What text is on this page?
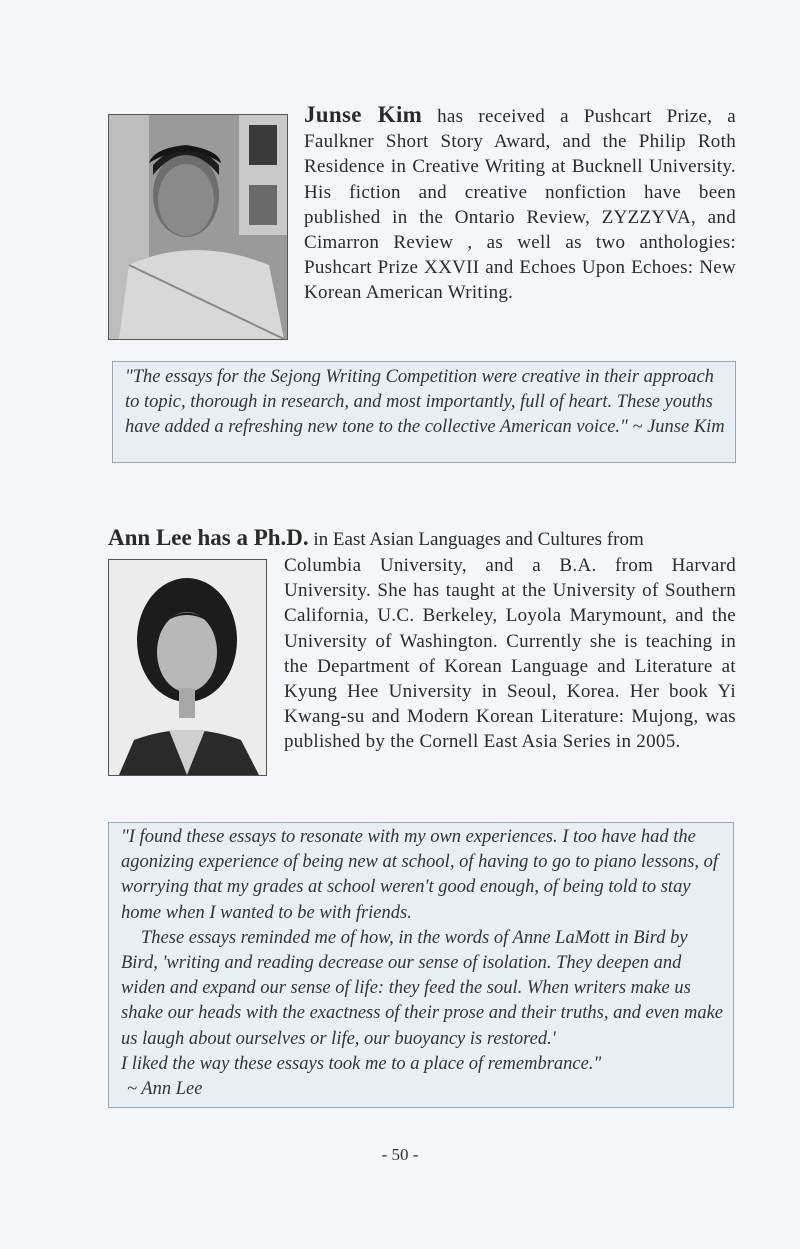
Junse Kim has received a Pushcart Prize, a Faulkner Short Story Award, and the Philip Roth Residence in Creative Writing at Bucknell University. His fiction and creative nonfiction have been published in the Ontario Review, ZYZZYVA, and Cimarron Review , as well as two anthologies: Pushcart Prize XXVII and Echoes Upon Echoes: New Korean American Writing.

"The essays for the Sejong Writing Competition were creative in their approach to topic, thorough in research, and most importantly, full of heart. These youths have added a refreshing new tone to the collective American voice." ~ Junse Kim

Ann Lee has a Ph.D. in East Asian Languages and Cultures from
Columbia University, and a B.A. from Harvard University. She has taught at the University of Southern California, U.C. Berkeley, Loyola Marymount, and the University of Washington. Currently she is teaching in the Department of Korean Language and Literature at Kyung Hee University in Seoul, Korea. Her book Yi Kwang-su and Modern Korean Literature: Mujong, was published by the Cornell East Asia Series in 2005.

"I found these essays to resonate with my own experiences. I too have had the agonizing experience of being new at school, of having to go to piano lessons, of worrying that my grades at school weren't good enough, of being told to stay home when I wanted to be with friends.

These essays reminded me of how, in the words of Anne LaMott in Bird by Bird, 'writing and reading decrease our sense of isolation. They deepen and widen and expand our sense of life: they feed the soul. When writers make us shake our heads with the exactness of their prose and their truths, and even make us laugh about ourselves or life, our buoyancy is restored.'

I liked the way these essays took me to a place of remembrance."

~ Ann Lee

- 50 -
